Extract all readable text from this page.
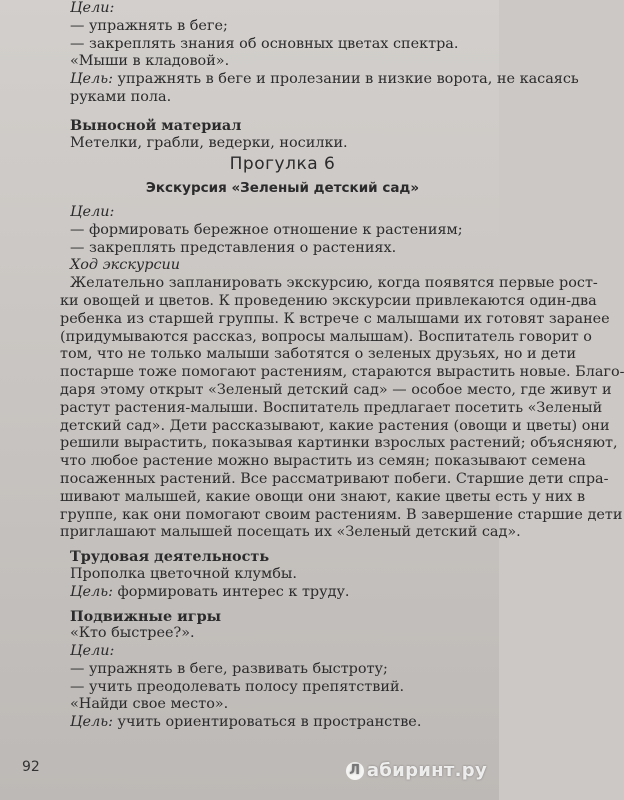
Цели:
— упражнять в беге;
— закреплять знания об основных цветах спектра.
«Мыши в кладовой».
Цель: упражнять в беге и пролезании в низкие ворота, не касаясь
руками пола.
Выносной материал
Метелки, грабли, ведерки, носилки.
Прогулка 6
Экскурсия «Зеленый детский сад»
Цели:
— формировать бережное отношение к растениям;
— закреплять представления о растениях.
Ход экскурсии
Желательно запланировать экскурсию, когда появятся первые рост-
ки овощей и цветов. К проведению экскурсии привлекаются один-два
ребенка из старшей группы. К встрече с малышами их готовят заранее
(придумываются рассказ, вопросы малышам). Воспитатель говорит о
том, что не только малыши заботятся о зеленых друзьях, но и дети
постарше тоже помогают растениям, стараются вырастить новые. Благо-
даря этому открыт «Зеленый детский сад» — особое место, где живут и
растут растения-малыши. Воспитатель предлагает посетить «Зеленый
детский сад». Дети рассказывают, какие растения (овощи и цветы) они
решили вырастить, показывая картинки взрослых растений; объясняют,
что любое растение можно вырастить из семян; показывают семена
посаженных растений. Все рассматривают побеги. Старшие дети спра-
шивают малышей, какие овощи они знают, какие цветы есть у них в
группе, как они помогают своим растениям. В завершение старшие дети
приглашают малышей посещать их «Зеленый детский сад».
Трудовая деятельность
Прополка цветочной клумбы.
Цель: формировать интерес к труду.
Подвижные игры
«Кто быстрее?».
Цели:
— упражнять в беге, развивать быстроту;
— учить преодолевать полосу препятствий.
«Найди свое место».
Цель: учить ориентироваться в пространстве.
92	Л абиринт.ру
